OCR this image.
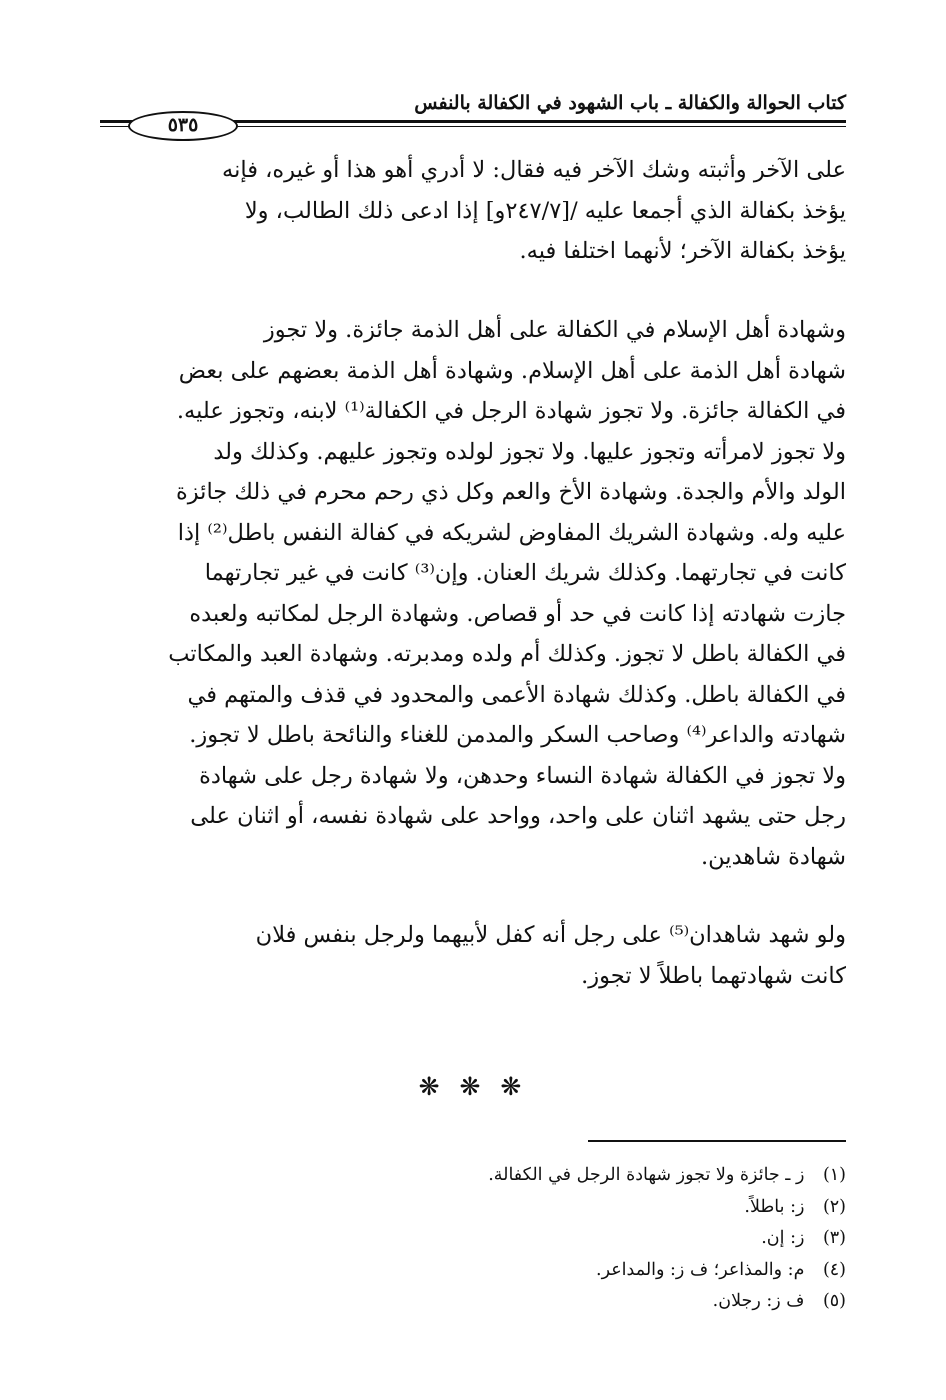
كتاب الحوالة والكفالة ـ باب الشهود في الكفالة بالنفس
٥٣٥

على الآخر وأثبته وشك الآخر فيه فقال: لا أدري أهو هذا أو غيره، فإنه
يؤخذ بكفالة الذي أجمعا عليه /[٢٤٧/٧و] إذا ادعى ذلك الطالب، ولا
يؤخذ بكفالة الآخر؛ لأنهما اختلفا فيه.

وشهادة أهل الإسلام في الكفالة على أهل الذمة جائزة. ولا تجوز
شهادة أهل الذمة على أهل الإسلام. وشهادة أهل الذمة بعضهم على بعض
في الكفالة جائزة. ولا تجوز شهادة الرجل في الكفالة⁽¹⁾ لابنه، وتجوز عليه.
ولا تجوز لامرأته وتجوز عليها. ولا تجوز لولده وتجوز عليهم. وكذلك ولد
الولد والأم والجدة. وشهادة الأخ والعم وكل ذي رحم محرم في ذلك جائزة
عليه وله. وشهادة الشريك المفاوض لشريكه في كفالة النفس باطل⁽²⁾ إذا
كانت في تجارتهما. وكذلك شريك العنان. وإن⁽³⁾ كانت في غير تجارتهما
جازت شهادته إذا كانت في حد أو قصاص. وشهادة الرجل لمكاتبه ولعبده
في الكفالة باطل لا تجوز. وكذلك أم ولده ومدبرته. وشهادة العبد والمكاتب
في الكفالة باطل. وكذلك شهادة الأعمى والمحدود في قذف والمتهم في
شهادته والداعر⁽⁴⁾ وصاحب السكر والمدمن للغناء والنائحة باطل لا تجوز.
ولا تجوز في الكفالة شهادة النساء وحدهن، ولا شهادة رجل على شهادة
رجل حتى يشهد اثنان على واحد، وواحد على شهادة نفسه، أو اثنان على
شهادة شاهدين.

ولو شهد شاهدان⁽⁵⁾ على رجل أنه كفل لأبيهما ولرجل بنفس فلان
كانت شهادتهما باطلاً لا تجوز.

❋ ❋ ❋
(١) ز ـ جائزة ولا تجوز شهادة الرجل في الكفالة.
(٢) ز: باطلاً.
(٣) ز: إن.
(٤) م: والمذاعر؛ ف ز: والمداعر.
(٥) ف ز: رجلان.
